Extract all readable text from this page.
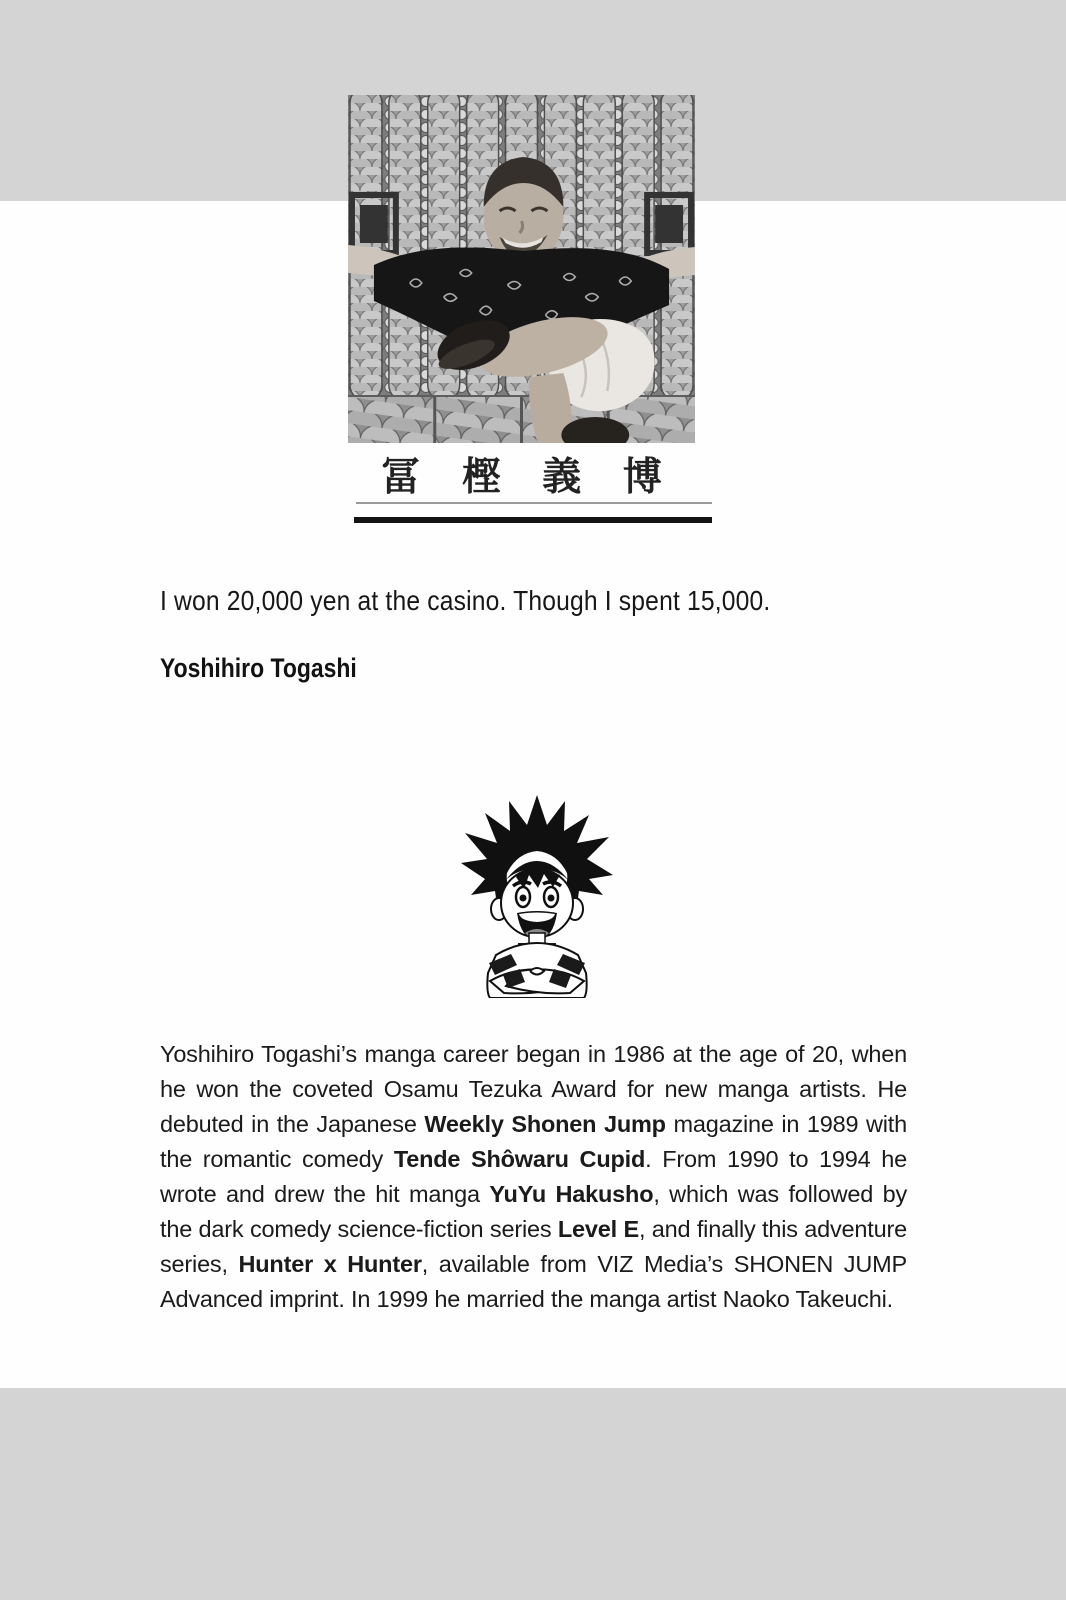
冨 樫 義 博

I won 20,000 yen at the casino. Though I spent 15,000.

Yoshihiro Togashi

Yoshihiro Togashi’s manga career began in 1986 at the age of 20, when he won the coveted Osamu Tezuka Award for new manga artists. He debuted in the Japanese Weekly Shonen Jump magazine in 1989 with the romantic comedy Tende Shôwaru Cupid. From 1990 to 1994 he wrote and drew the hit manga YuYu Hakusho, which was followed by the dark comedy science-fiction series Level E, and finally this adventure series, Hunter x Hunter, available from VIZ Media’s SHONEN JUMP Advanced imprint. In 1999 he married the manga artist Naoko Takeuchi.
